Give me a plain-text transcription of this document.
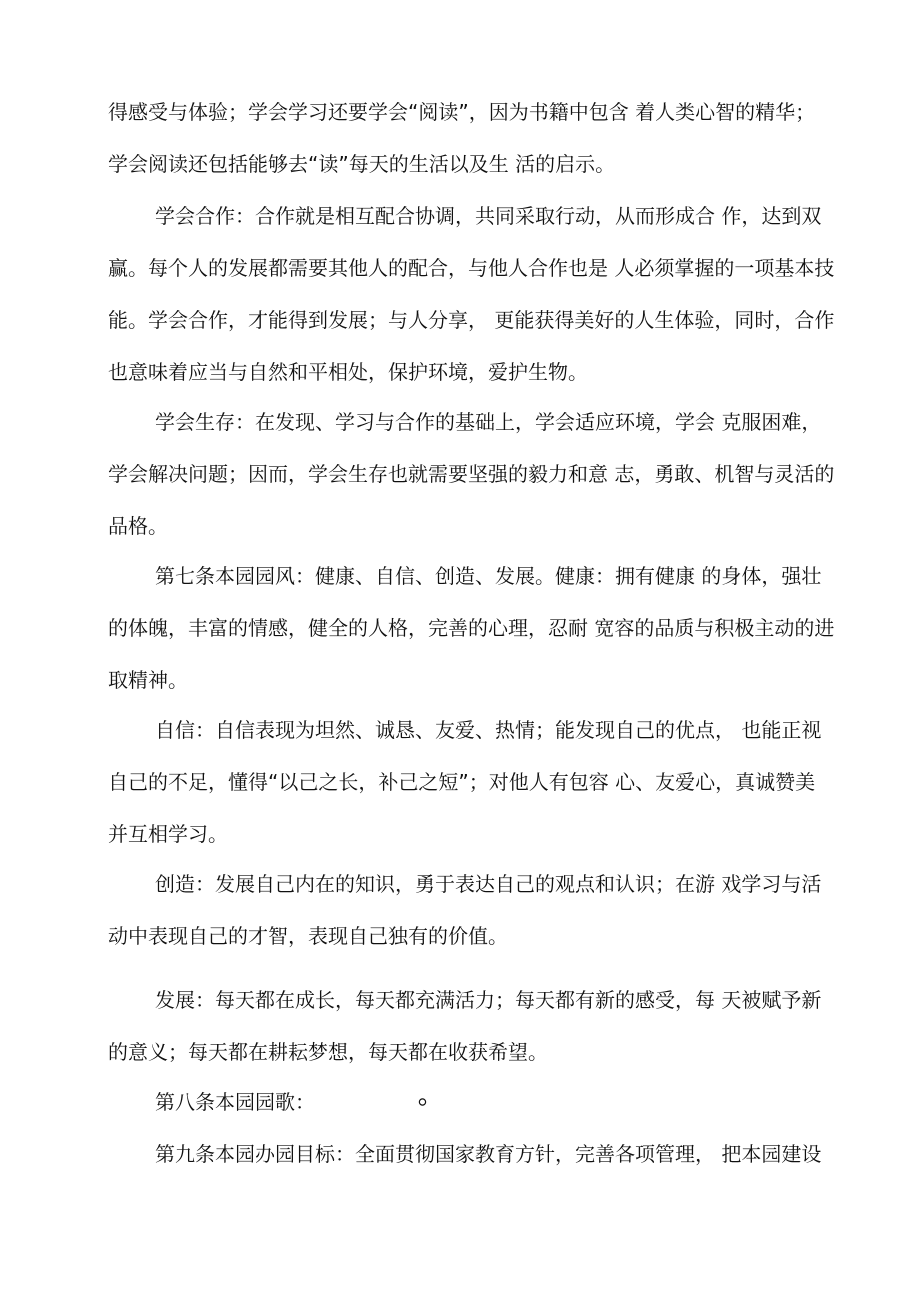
得感受与体验；学会学习还要学会“阅读”，因为书籍中包含 着人类心智的精华；
学会阅读还包括能够去“读”每天的生活以及生 活的启示。
学会合作：合作就是相互配合协调，共同采取行动，从而形成合 作，达到双
赢。每个人的发展都需要其他人的配合，与他人合作也是 人必须掌握的一项基本技
能。学会合作，才能得到发展；与人分享， 更能获得美好的人生体验，同时，合作
也意味着应当与自然和平相处，保护环境，爱护生物。
学会生存：在发现、学习与合作的基础上，学会适应环境，学会 克服困难，
学会解决问题；因而，学会生存也就需要坚强的毅力和意 志，勇敢、机智与灵活的
品格。
第七条本园园风：健康、自信、创造、发展。健康：拥有健康 的身体，强壮
的体魄，丰富的情感，健全的人格，完善的心理，忍耐 宽容的品质与积极主动的进
取精神。
自信：自信表现为坦然、诚恳、友爱、热情；能发现自己的优点， 也能正视
自己的不足，懂得“以己之长，补己之短”；对他人有包容 心、友爱心，真诚赞美
并互相学习。
创造：发展自己内在的知识，勇于表达自己的观点和认识；在游 戏学习与活
动中表现自己的才智，表现自己独有的价值。
发展：每天都在成长，每天都充满活力；每天都有新的感受，每 天被赋予新
的意义；每天都在耕耘梦想，每天都在收获希望。
第八条本园园歌：                ⸰
第九条本园办园目标：全面贯彻国家教育方针，完善各项管理， 把本园建设
